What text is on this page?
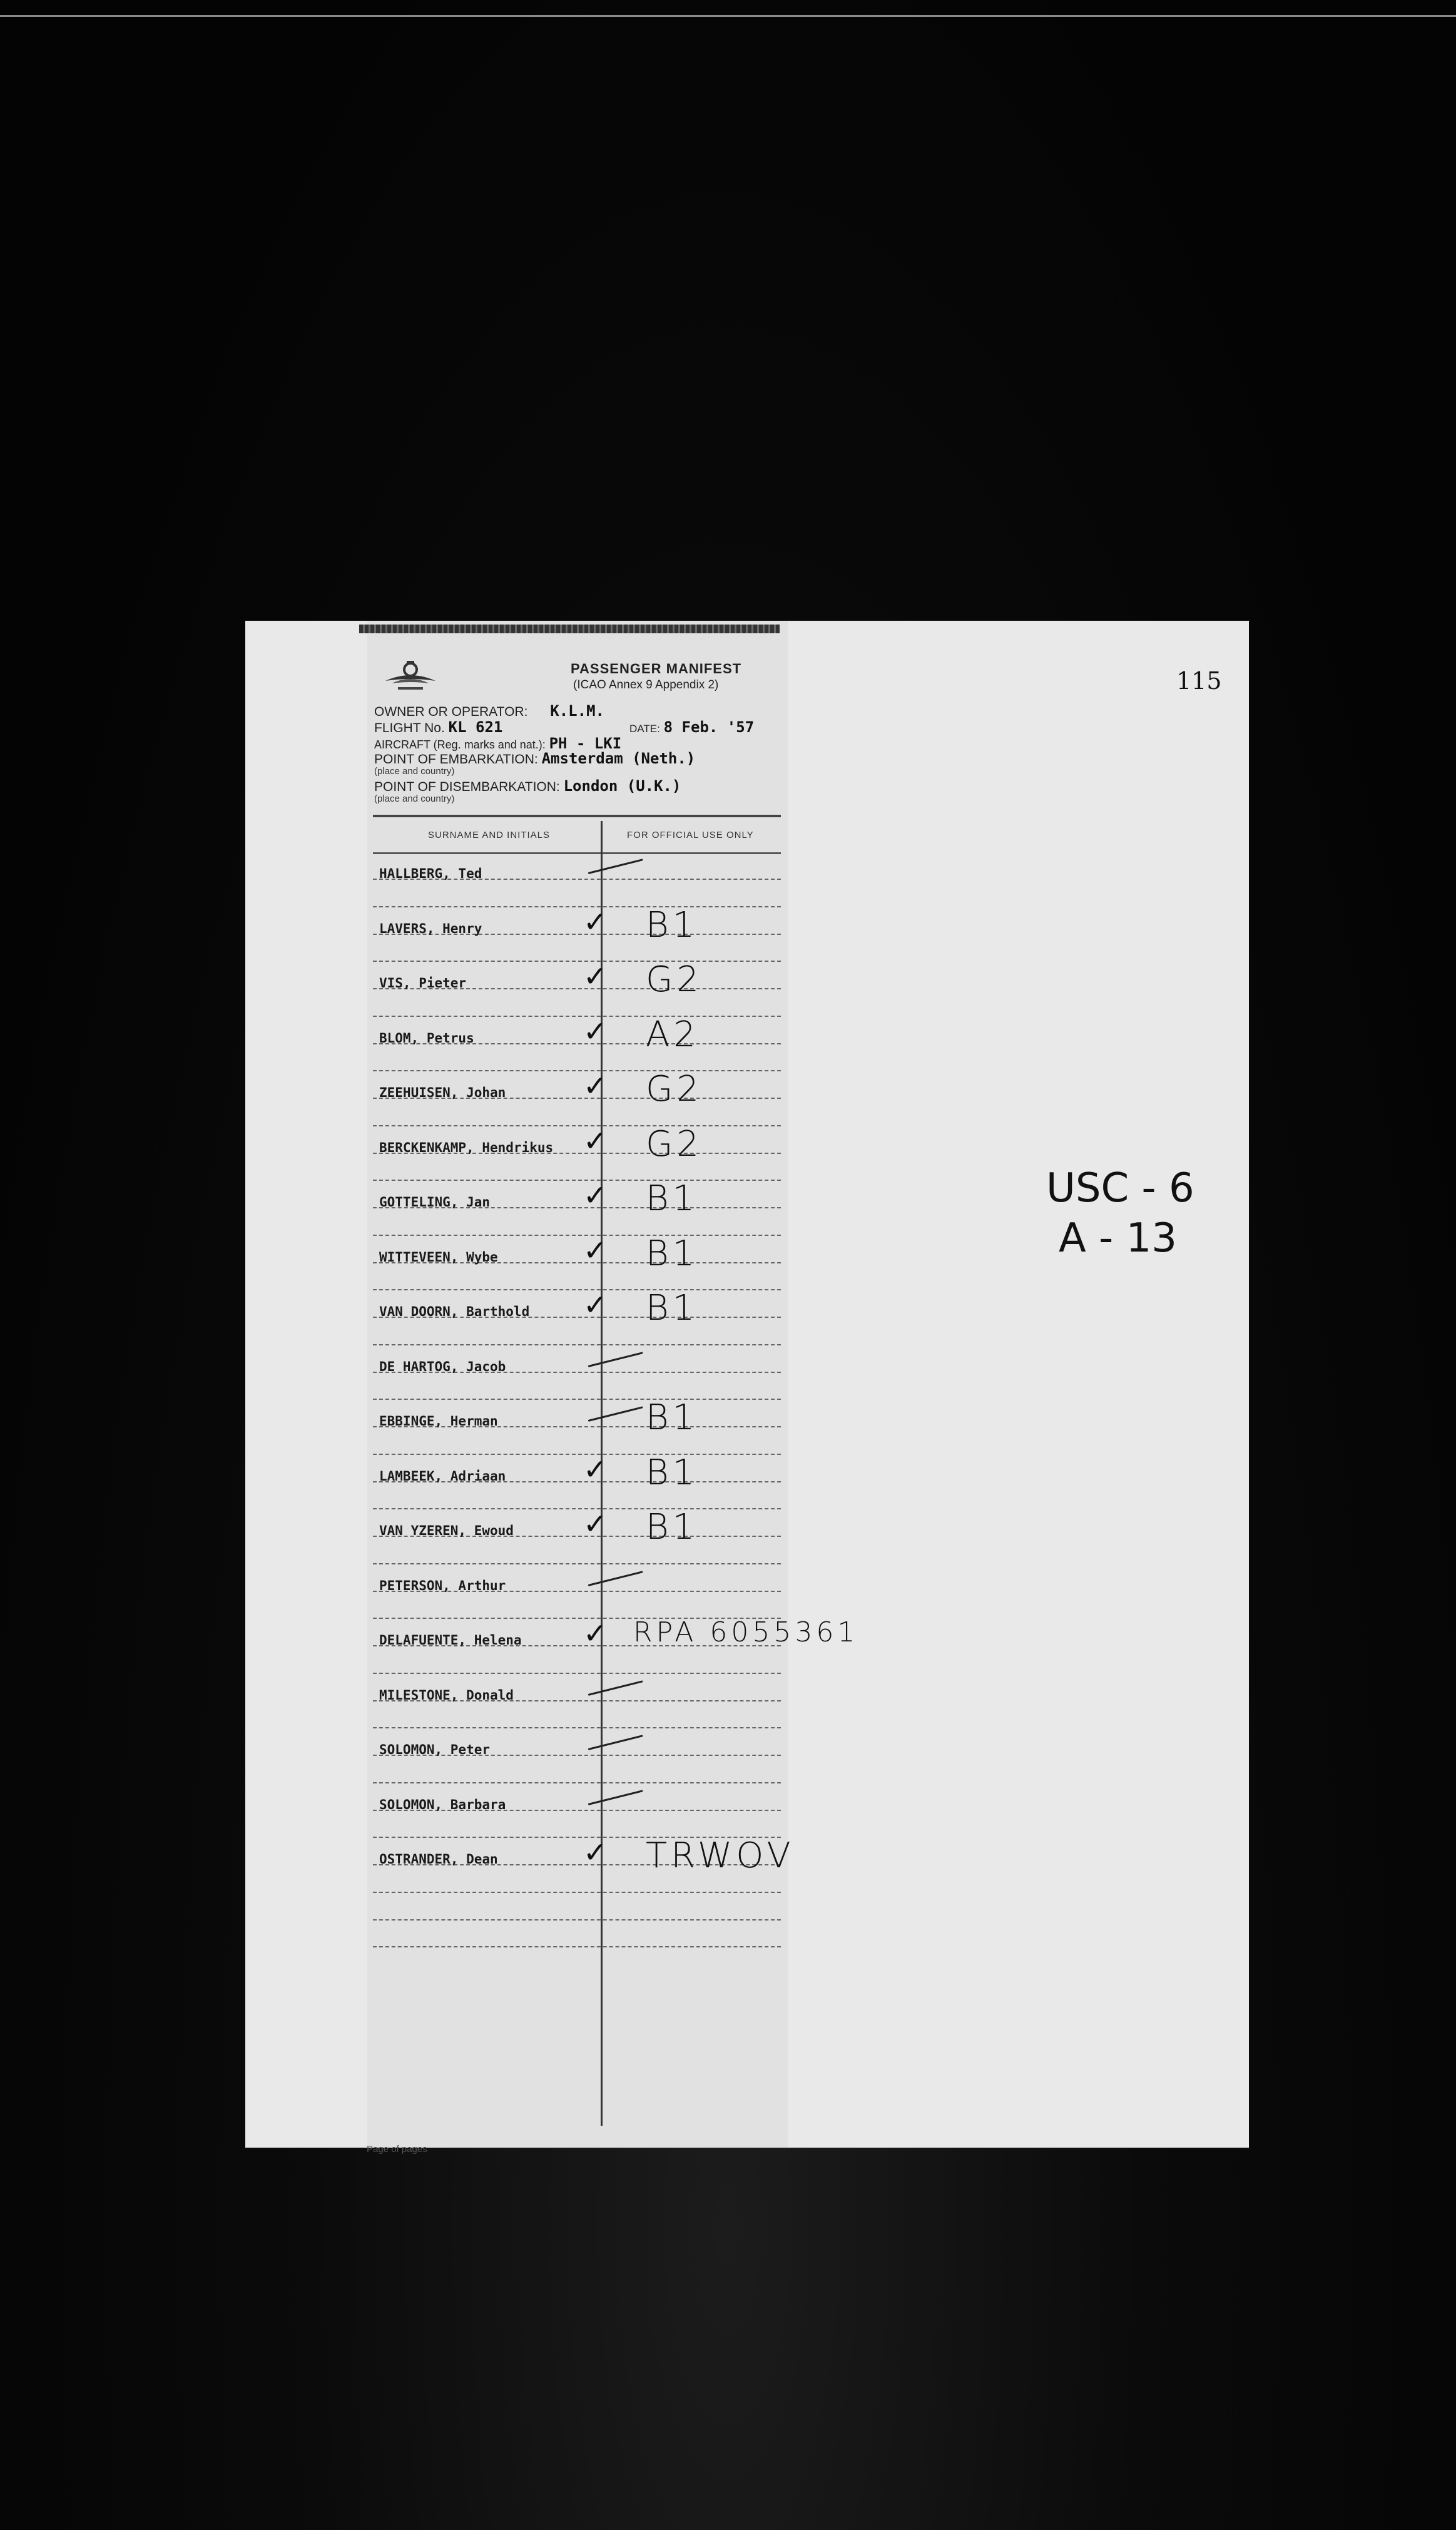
PASSENGER MANIFEST
(ICAO Annex 9 Appendix 2)	115
OWNER OR OPERATOR: K.L.M.
FLIGHT No. KL 621	DATE: 8 Feb. '57
AIRCRAFT (Reg. marks and nat.): PH - LKI
POINT OF EMBARKATION: Amsterdam (Neth.)
(place and country)
POINT OF DISEMBARKATION: London (U.K.)
(place and country)
SURNAME AND INITIALS	FOR OFFICIAL USE ONLY
HALLBERG, Ted
LAVERS, Henry	✓ B1
VIS, Pieter	✓ G2
BLOM, Petrus	✓ A2
ZEEHUISEN, Johan	✓ G2
BERCKENKAMP, Hendrikus ✓ G2
GOTTELING, Jan	✓ B1
WITTEVEEN, Wybe	✓ B1
VAN DOORN, Barthold ✓ B1
DE HARTOG, Jacob
EBBINGE, Herman	B1
LAMBEEK, Adriaan	✓ B1
VAN YZEREN, Ewoud ✓ B1
PETERSON, Arthur
DELAFUENTE, Helena ✓ RPA 6055361
MILESTONE, Donald
SOLOMON, Peter
SOLOMON, Barbara
OSTRANDER, Dean	✓ TRWOV
USC - 6
A - 13
Page of pages
